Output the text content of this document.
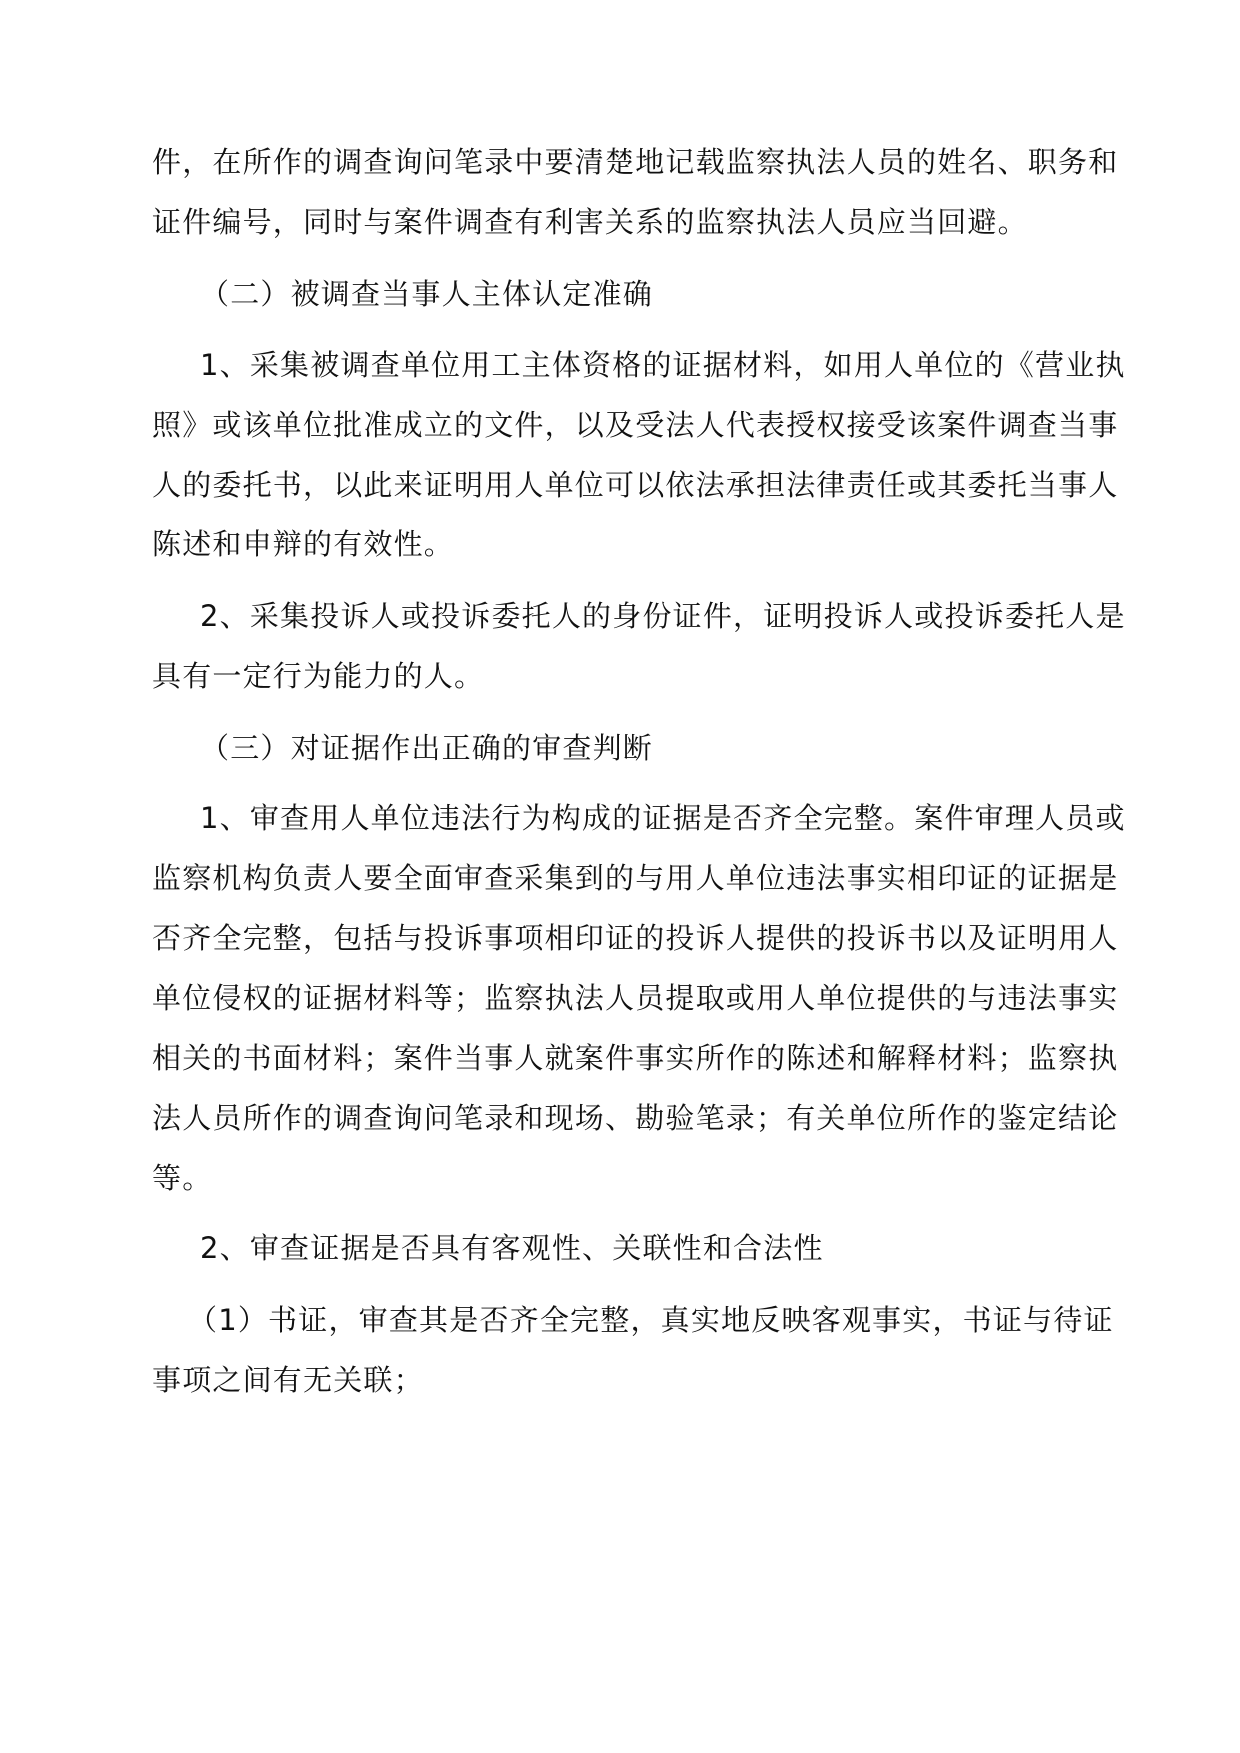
件，在所作的调查询问笔录中要清楚地记载监察执法人员的姓名、职务和
证件编号，同时与案件调查有利害关系的监察执法人员应当回避。
（二）被调查当事人主体认定准确
1、采集被调查单位用工主体资格的证据材料，如用人单位的《营业执
照》或该单位批准成立的文件，以及受法人代表授权接受该案件调查当事
人的委托书，以此来证明用人单位可以依法承担法律责任或其委托当事人
陈述和申辩的有效性。
2、采集投诉人或投诉委托人的身份证件，证明投诉人或投诉委托人是
具有一定行为能力的人。
（三）对证据作出正确的审查判断
1、审查用人单位违法行为构成的证据是否齐全完整。案件审理人员或
监察机构负责人要全面审查采集到的与用人单位违法事实相印证的证据是
否齐全完整，包括与投诉事项相印证的投诉人提供的投诉书以及证明用人
单位侵权的证据材料等；监察执法人员提取或用人单位提供的与违法事实
相关的书面材料；案件当事人就案件事实所作的陈述和解释材料；监察执
法人员所作的调查询问笔录和现场、勘验笔录；有关单位所作的鉴定结论
等。
2、审查证据是否具有客观性、关联性和合法性
（1）书证，审查其是否齐全完整，真实地反映客观事实，书证与待证
事项之间有无关联；
